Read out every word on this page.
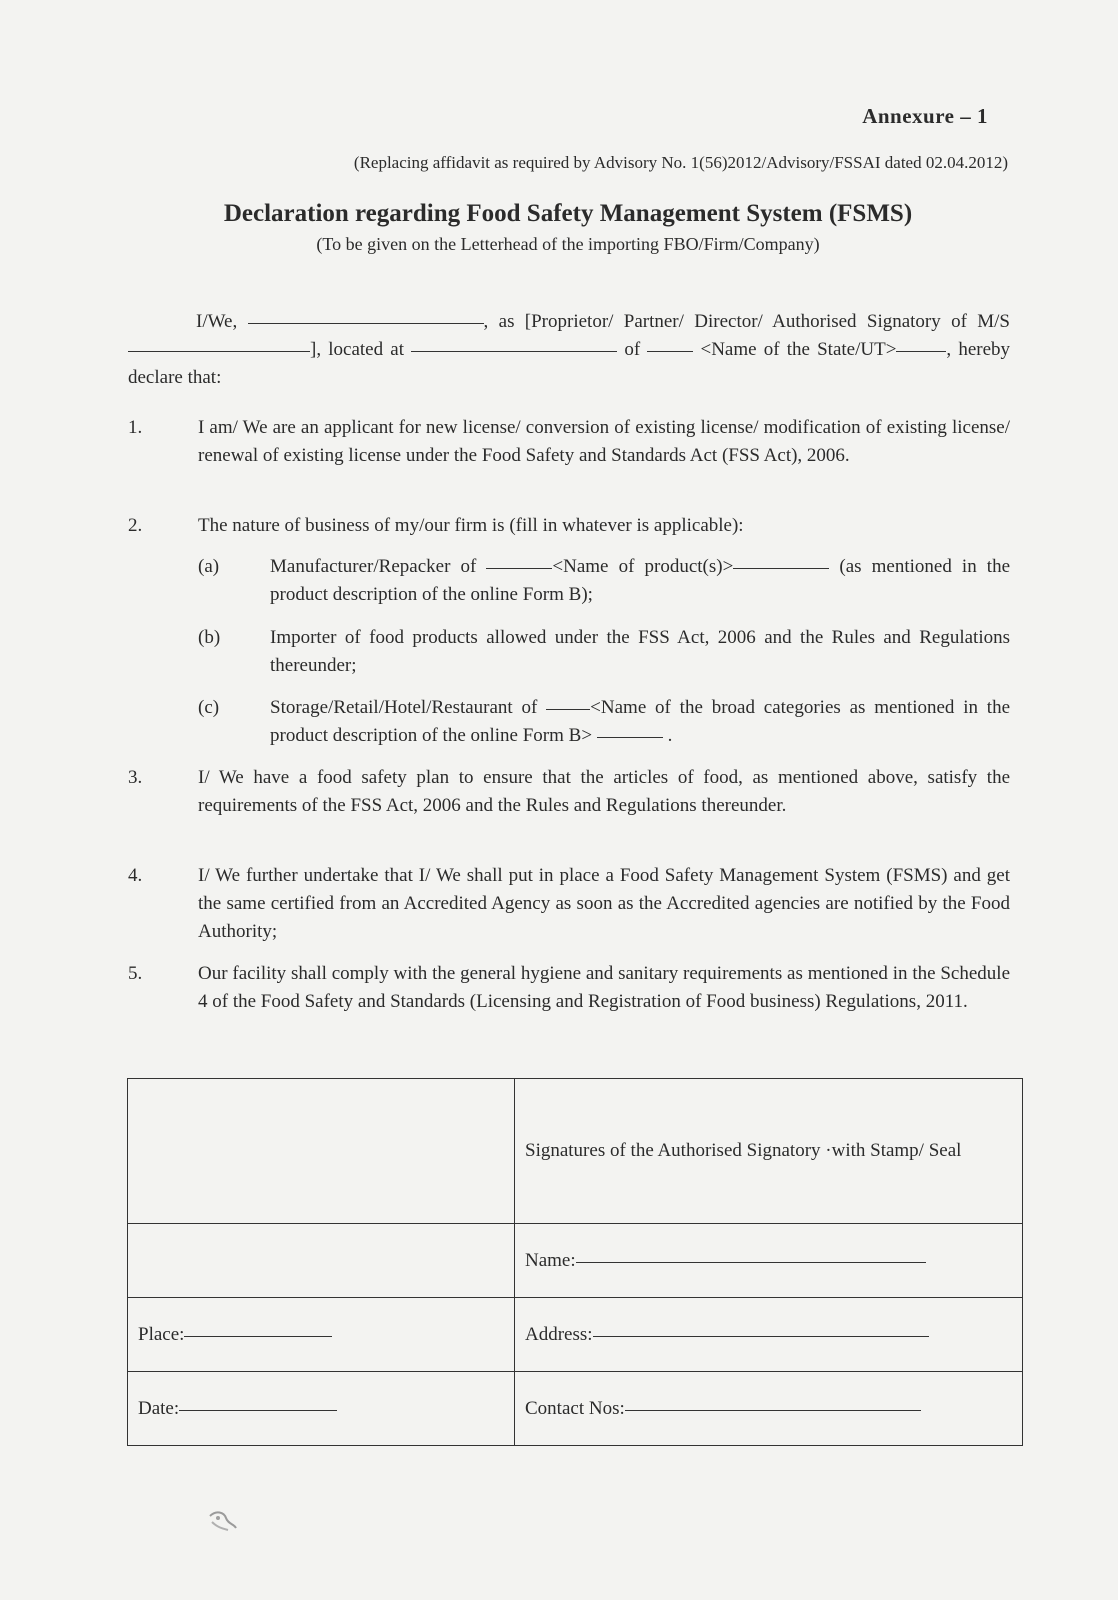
Annexure – 1
(Replacing affidavit as required by Advisory No. 1(56)2012/Advisory/FSSAI dated 02.04.2012)
Declaration regarding Food Safety Management System (FSMS)
(To be given on the Letterhead of the importing FBO/Firm/Company)
I/We,	, as [Proprietor/ Partner/ Director/ Authorised Signatory of M/S ], located at	of	<Name of the State/UT>	, hereby declare that:
1.	I am/ We are an applicant for new license/ conversion of existing license/ modification of existing license/ renewal of existing license under the Food Safety and Standards Act (FSS Act), 2006.
2.	The nature of business of my/our firm is (fill in whatever is applicable):
(a)	Manufacturer/Repacker of	<Name of product(s)>	(as mentioned in the product description of the online Form B);
(b)	Importer of food products allowed under the FSS Act, 2006 and the Rules and Regulations thereunder;
(c)	Storage/Retail/Hotel/Restaurant of	<Name of the broad categories as mentioned in the product description of the online Form B>	.
3.	I/ We have a food safety plan to ensure that the articles of food, as mentioned above, satisfy the requirements of the FSS Act, 2006 and the Rules and Regulations thereunder.
4.	I/ We further undertake that I/ We shall put in place a Food Safety Management System (FSMS) and get the same certified from an Accredited Agency as soon as the Accredited agencies are notified by the Food Authority;
5.	Our facility shall comply with the general hygiene and sanitary requirements as mentioned in the Schedule 4 of the Food Safety and Standards (Licensing and Registration of Food business) Regulations, 2011.
	Signatures of the Authorised Signatory ·with Stamp/ Seal
	Name:
Place:	Address:
Date:	Contact Nos:
